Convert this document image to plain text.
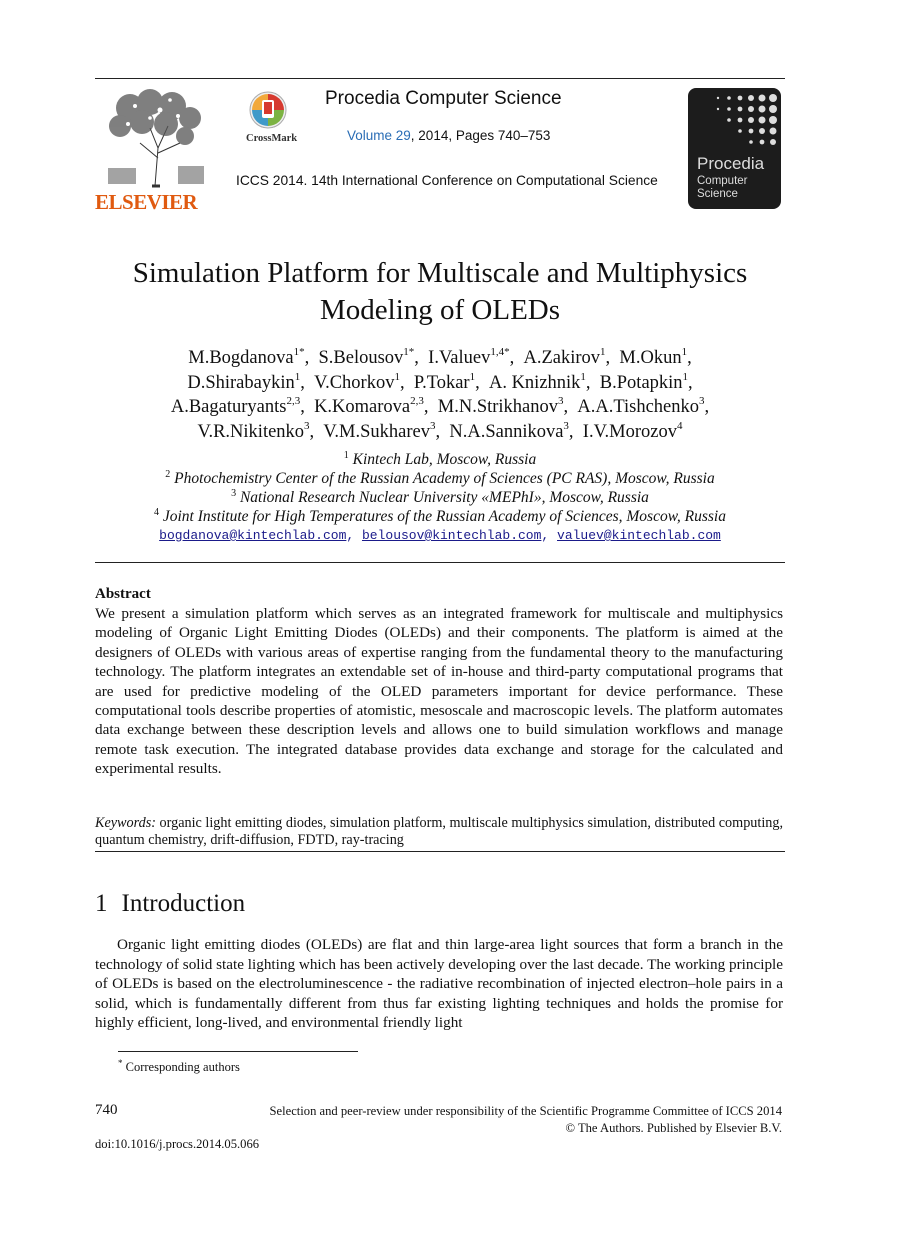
ELSEVIER
CrossMark
Procedia Computer Science
Volume 29, 2014, Pages 740–753
ICCS 2014. 14th International Conference on Computational Science
Procedia
Computer
Science
Simulation Platform for Multiscale and Multiphysics
Modeling of OLEDs
M.Bogdanova$^{1*}$, S.Belousov$^{1*}$, I.Valuev$^{1,4*}$, A.Zakirov$^1$, M.Okun$^1$,
D.Shirabaykin$^1$, V.Chorkov$^1$, P.Tokar$^1$, A. Knizhnik$^1$, B.Potapkin$^1$,
A.Bagaturyants$^{2,3}$, K.Komarova$^{2,3}$, M.N.Strikhanov$^3$, A.A.Tishchenko$^3$,
V.R.Nikitenko$^3$, V.M.Sukharev$^3$, N.A.Sannikova$^3$, I.V.Morozov$^4$
$^1$ Kintech Lab, Moscow, Russia
$^2$ Photochemistry Center of the Russian Academy of Sciences (PC RAS), Moscow, Russia
$^3$ National Research Nuclear University «MEPhI», Moscow, Russia
$^4$ Joint Institute for High Temperatures of the Russian Academy of Sciences, Moscow, Russia
bogdanova@kintechlab.com, belousov@kintechlab.com, valuev@kintechlab.com
Abstract
We present a simulation platform which serves as an integrated framework for multiscale and multiphysics modeling of Organic Light Emitting Diodes (OLEDs) and their components. The platform is aimed at the designers of OLEDs with various areas of expertise ranging from the fundamental theory to the manufacturing technology. The platform integrates an extendable set of in-house and third-party computational programs that are used for predictive modeling of the OLED parameters important for device performance. These computational tools describe properties of atomistic, mesoscale and macroscopic levels. The platform automates data exchange between these description levels and allows one to build simulation workflows and manage remote task execution. The integrated database provides data exchange and storage for the calculated and experimental results.
Keywords: organic light emitting diodes, simulation platform, multiscale multiphysics simulation, distributed computing, quantum chemistry, drift-diffusion, FDTD, ray-tracing
1 Introduction
Organic light emitting diodes (OLEDs) are flat and thin large-area light sources that form a branch in the technology of solid state lighting which has been actively developing over the last decade. The working principle of OLEDs is based on the electroluminescence - the radiative recombination of injected electron–hole pairs in a solid, which is fundamentally different from thus far existing lighting techniques and holds the promise for highly efficient, long-lived, and environmental friendly light
* Corresponding authors
740	Selection and peer-review under responsibility of the Scientific Programme Committee of ICCS 2014
© The Authors. Published by Elsevier B.V.
doi:10.1016/j.procs.2014.05.066
